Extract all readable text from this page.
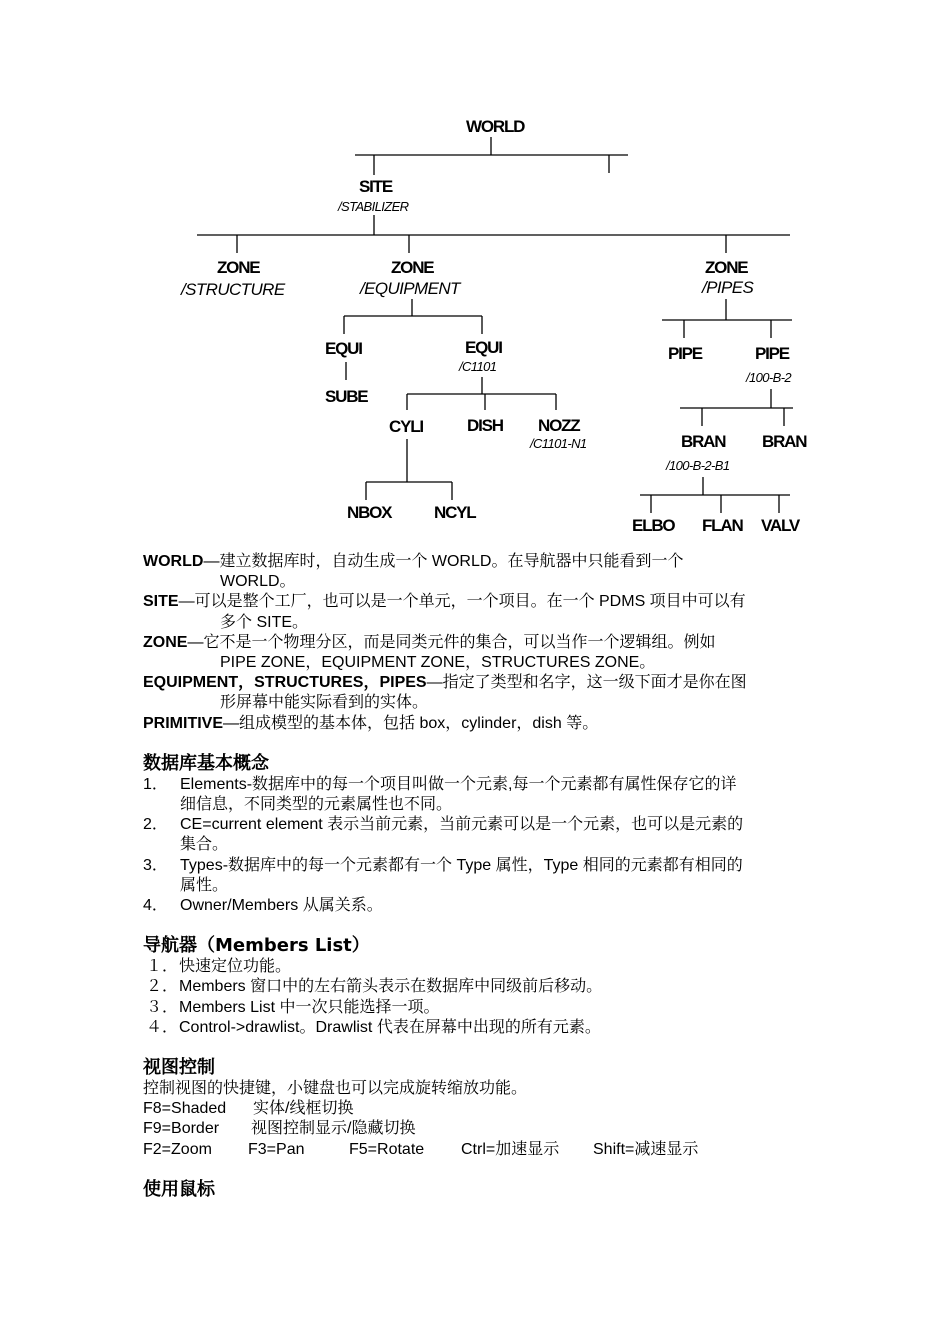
WORLD
SITE
/STABILIZER
ZONE
/STRUCTURE
ZONE
/EQUIPMENT
ZONE
/PIPES
EQUI
SUBE
EQUI
/C1101
CYLI	DISH NOZZ
/C1101-N1
NBOX	NCYL
PIPE	PIPE
/100-B-2
BRAN BRAN
/100-B-2-B1
ELBO FLAN VALV

WORLD—建立数据库时，自动生成一个 WORLD。在导航器中只能看到一个
WORLD。

SITE—可以是整个工厂，也可以是一个单元，一个项目。在一个 PDMS 项目中可以有
多个 SITE。

ZONE—它不是一个物理分区，而是同类元件的集合，可以当作一个逻辑组。例如
PIPE ZONE，EQUIPMENT ZONE，STRUCTURES ZONE。

EQUIPMENT，STRUCTURES，PIPES—指定了类型和名字，这一级下面才是你在图
形屏幕中能实际看到的实体。

PRIMITIVE—组成模型的基本体，包括 box，cylinder，dish 等。

数据库基本概念
1． Elements-数据库中的每一个项目叫做一个元素,每一个元素都有属性保存它的详
细信息，不同类型的元素属性也不同。
2． CE=current element 表示当前元素，当前元素可以是一个元素，也可以是元素的
集合。
3． Types-数据库中的每一个元素都有一个 Type 属性，Type 相同的元素都有相同的
属性。
4． Owner/Members 从属关系。
导航器（Members List）
１． 快速定位功能。
２． Members 窗口中的左右箭头表示在数据库中同级前后移动。
３． Members List 中一次只能选择一项。
４． Control->drawlist。Drawlist 代表在屏幕中出现的所有元素。
视图控制

控制视图的快捷键，小键盘也可以完成旋转缩放功能。

F8=Shaded 实体/线框切换

F9=Border 视图控制显示/隐藏切换

F2=Zoom F3=Pan	F5=Rotate Ctrl=加速显示 Shift=减速显示

使用鼠标
